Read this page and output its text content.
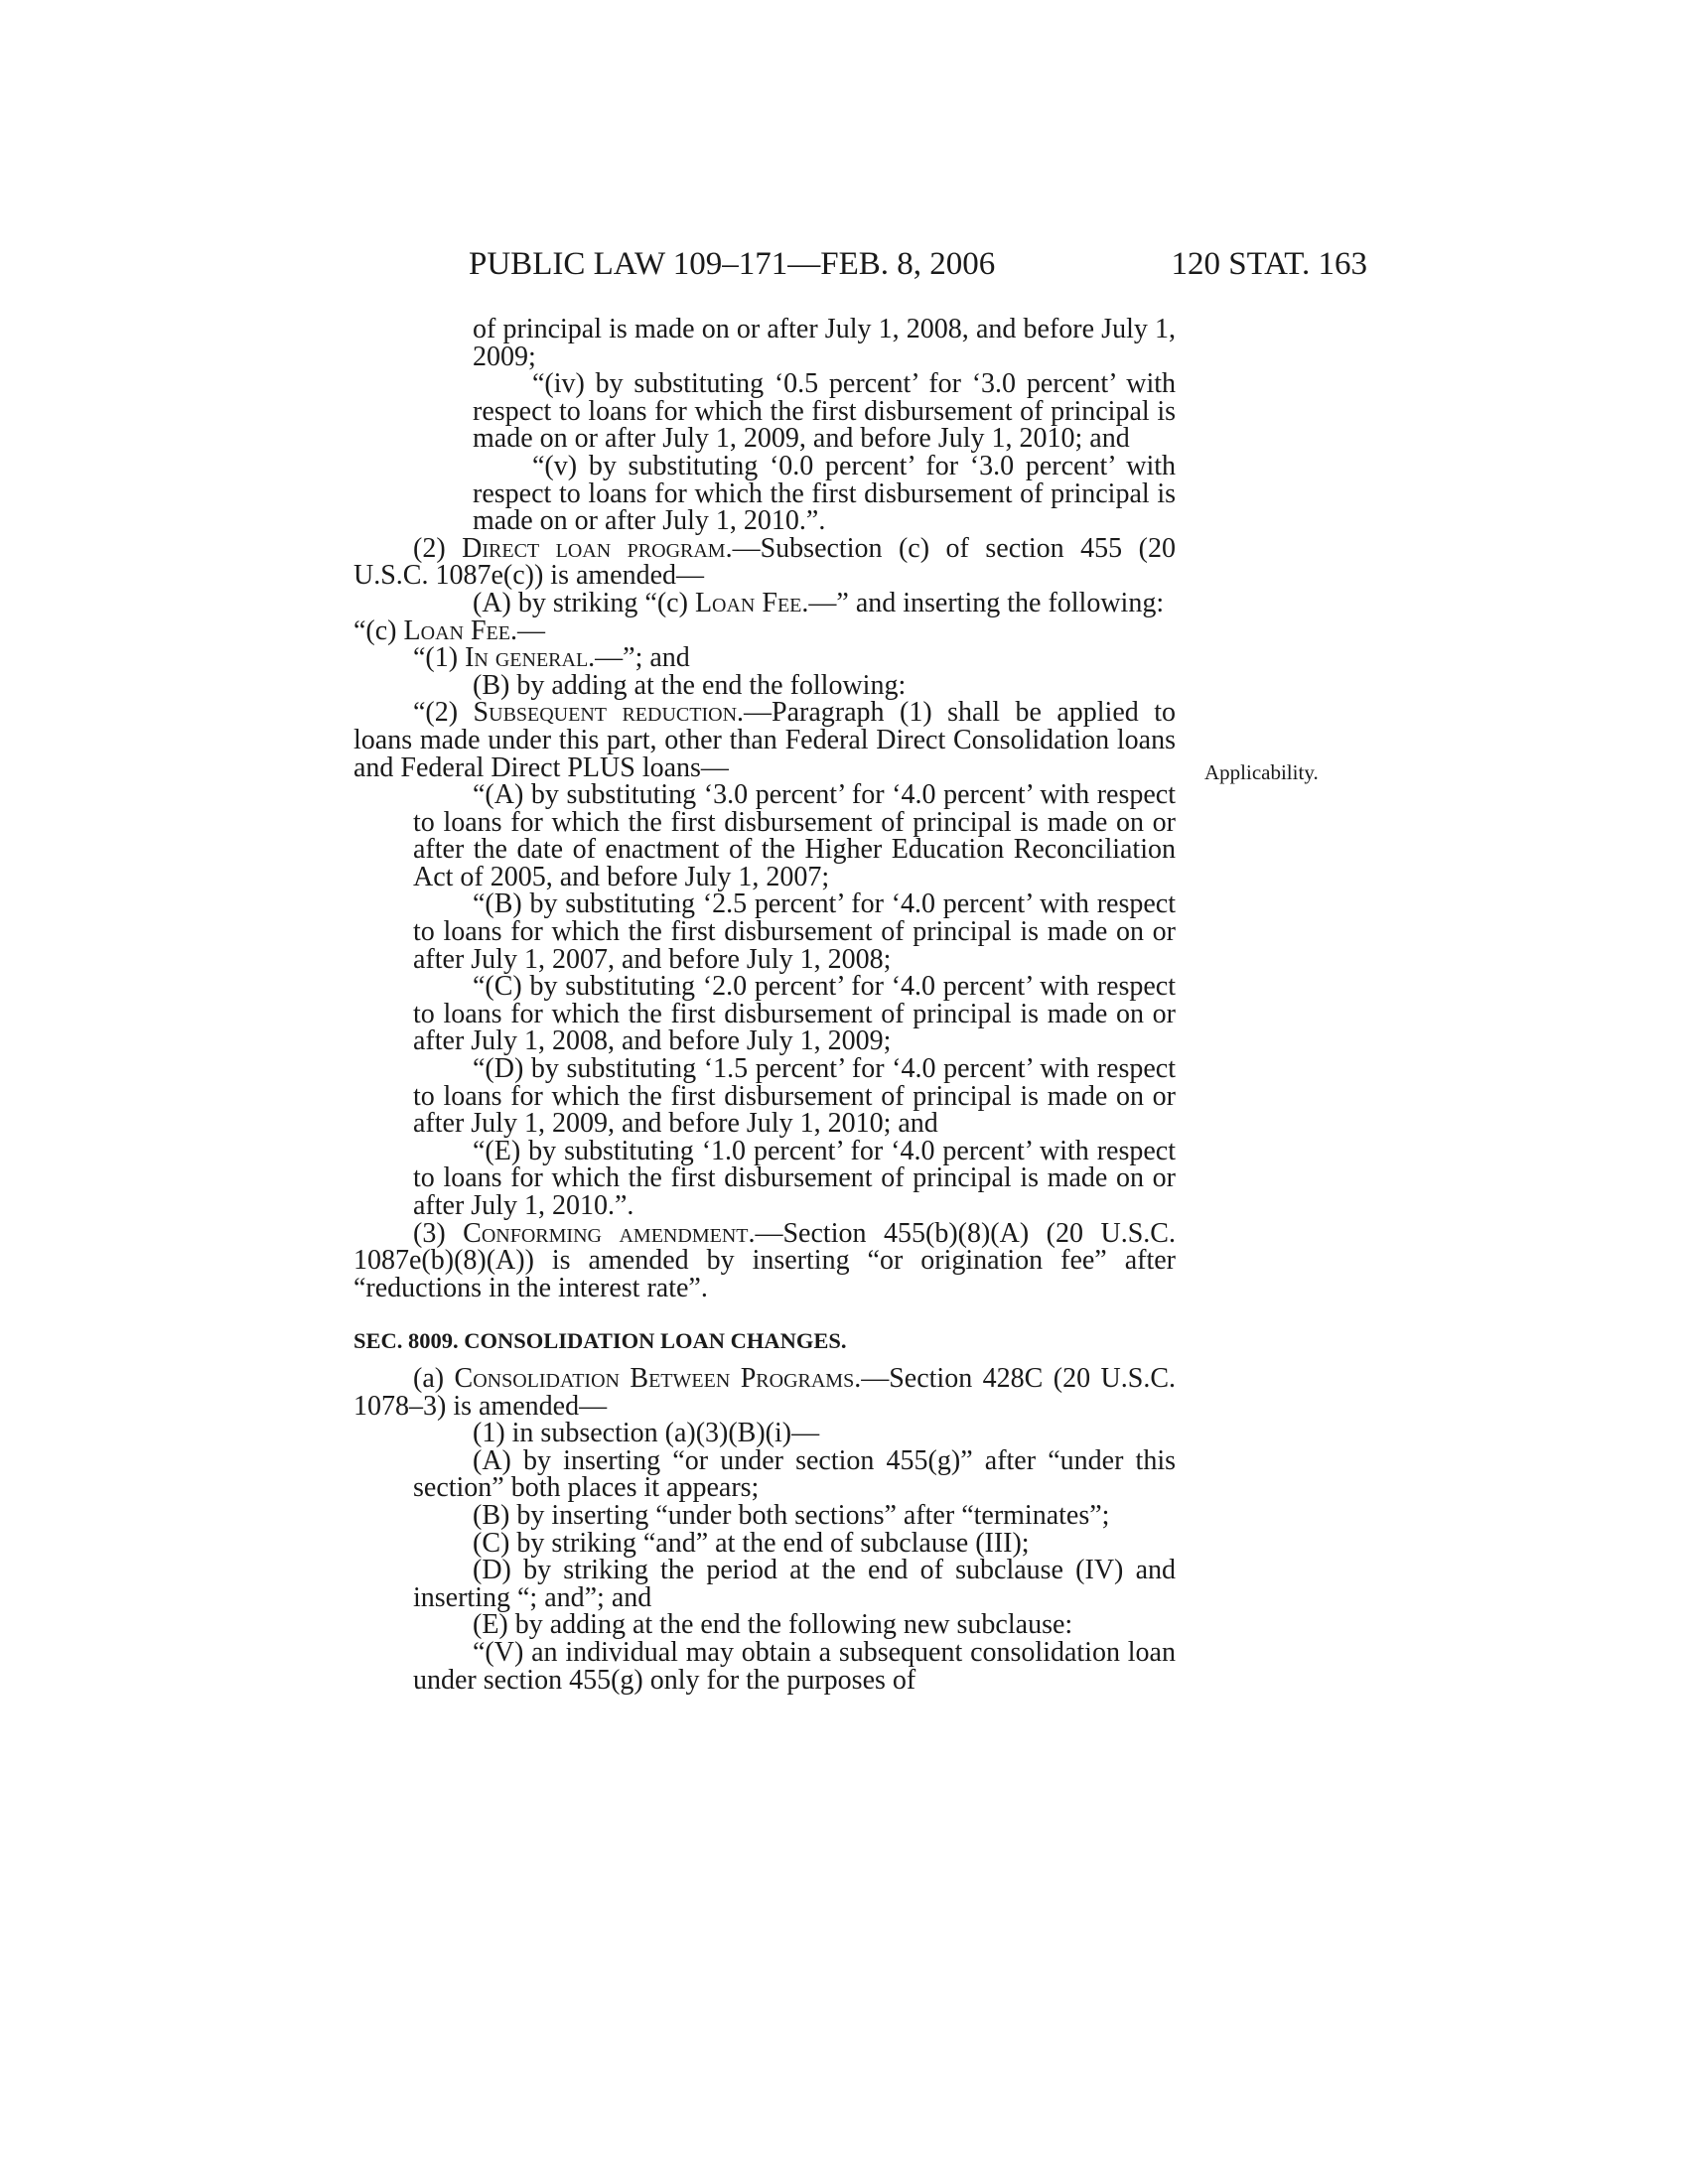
PUBLIC LAW 109–171—FEB. 8, 2006	120 STAT. 163
Applicability.

of principal is made on or after July 1, 2008, and before July 1, 2009;

“(iv) by substituting ‘0.5 percent’ for ‘3.0 percent’ with respect to loans for which the first disbursement of principal is made on or after July 1, 2009, and before July 1, 2010; and

“(v) by substituting ‘0.0 percent’ for ‘3.0 percent’ with respect to loans for which the first disbursement of principal is made on or after July 1, 2010.”.

(2) Direct loan program.—Subsection (c) of section 455 (20 U.S.C. 1087e(c)) is amended—

(A) by striking “(c) Loan Fee.—” and inserting the following:

“(c) Loan Fee.—

“(1) In general.—”; and

(B) by adding at the end the following:

“(2) Subsequent reduction.—Paragraph (1) shall be applied to loans made under this part, other than Federal Direct Consolidation loans and Federal Direct PLUS loans—

“(A) by substituting ‘3.0 percent’ for ‘4.0 percent’ with respect to loans for which the first disbursement of principal is made on or after the date of enactment of the Higher Education Reconciliation Act of 2005, and before July 1, 2007;

“(B) by substituting ‘2.5 percent’ for ‘4.0 percent’ with respect to loans for which the first disbursement of principal is made on or after July 1, 2007, and before July 1, 2008;

“(C) by substituting ‘2.0 percent’ for ‘4.0 percent’ with respect to loans for which the first disbursement of principal is made on or after July 1, 2008, and before July 1, 2009;

“(D) by substituting ‘1.5 percent’ for ‘4.0 percent’ with respect to loans for which the first disbursement of principal is made on or after July 1, 2009, and before July 1, 2010; and

“(E) by substituting ‘1.0 percent’ for ‘4.0 percent’ with respect to loans for which the first disbursement of principal is made on or after July 1, 2010.”.

(3) Conforming amendment.—Section 455(b)(8)(A) (20 U.S.C. 1087e(b)(8)(A)) is amended by inserting “or origination fee” after “reductions in the interest rate”.

SEC. 8009. CONSOLIDATION LOAN CHANGES.

(a) Consolidation Between Programs.—Section 428C (20 U.S.C. 1078–3) is amended—

(1) in subsection (a)(3)(B)(i)—

(A) by inserting “or under section 455(g)” after “under this section” both places it appears;

(B) by inserting “under both sections” after “terminates”;

(C) by striking “and” at the end of subclause (III);

(D) by striking the period at the end of subclause (IV) and inserting “; and”; and

(E) by adding at the end the following new subclause:

“(V) an individual may obtain a subsequent consolidation loan under section 455(g) only for the purposes of
